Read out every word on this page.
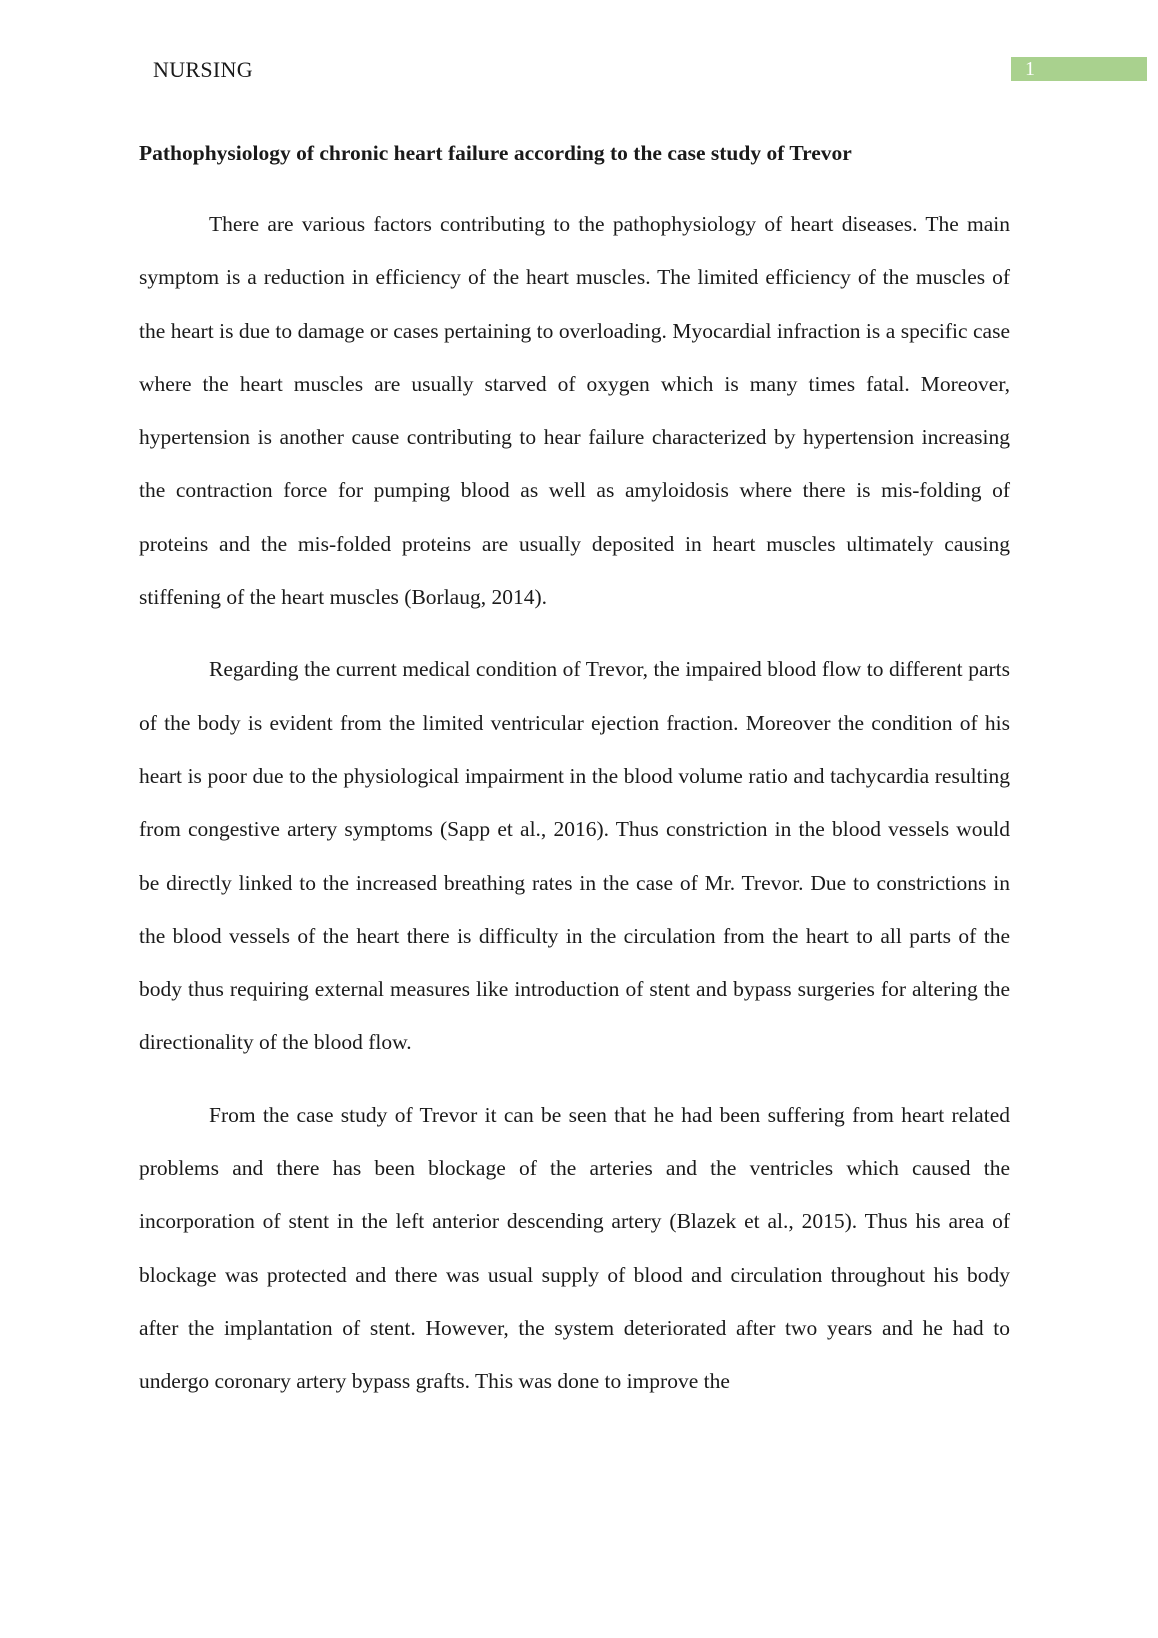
NURSING	1
Pathophysiology of chronic heart failure according to the case study of Trevor

There are various factors contributing to the pathophysiology of heart diseases. The main symptom is a reduction in efficiency of the heart muscles. The limited efficiency of the muscles of the heart is due to damage or cases pertaining to overloading. Myocardial infraction is a specific case where the heart muscles are usually starved of oxygen which is many times fatal. Moreover, hypertension is another cause contributing to hear failure characterized by hypertension increasing the contraction force for pumping blood as well as amyloidosis where there is mis-folding of proteins and the mis-folded proteins are usually deposited in heart muscles ultimately causing stiffening of the heart muscles (Borlaug, 2014).

Regarding the current medical condition of Trevor, the impaired blood flow to different parts of the body is evident from the limited ventricular ejection fraction. Moreover the condition of his heart is poor due to the physiological impairment in the blood volume ratio and tachycardia resulting from congestive artery symptoms (Sapp et al., 2016). Thus constriction in the blood vessels would be directly linked to the increased breathing rates in the case of Mr. Trevor. Due to constrictions in the blood vessels of the heart there is difficulty in the circulation from the heart to all parts of the body thus requiring external measures like introduction of stent and bypass surgeries for altering the directionality of the blood flow.

From the case study of Trevor it can be seen that he had been suffering from heart related problems and there has been blockage of the arteries and the ventricles which caused the incorporation of stent in the left anterior descending artery (Blazek et al., 2015). Thus his area of blockage was protected and there was usual supply of blood and circulation throughout his body after the implantation of stent. However, the system deteriorated after two years and he had to undergo coronary artery bypass grafts. This was done to improve the
